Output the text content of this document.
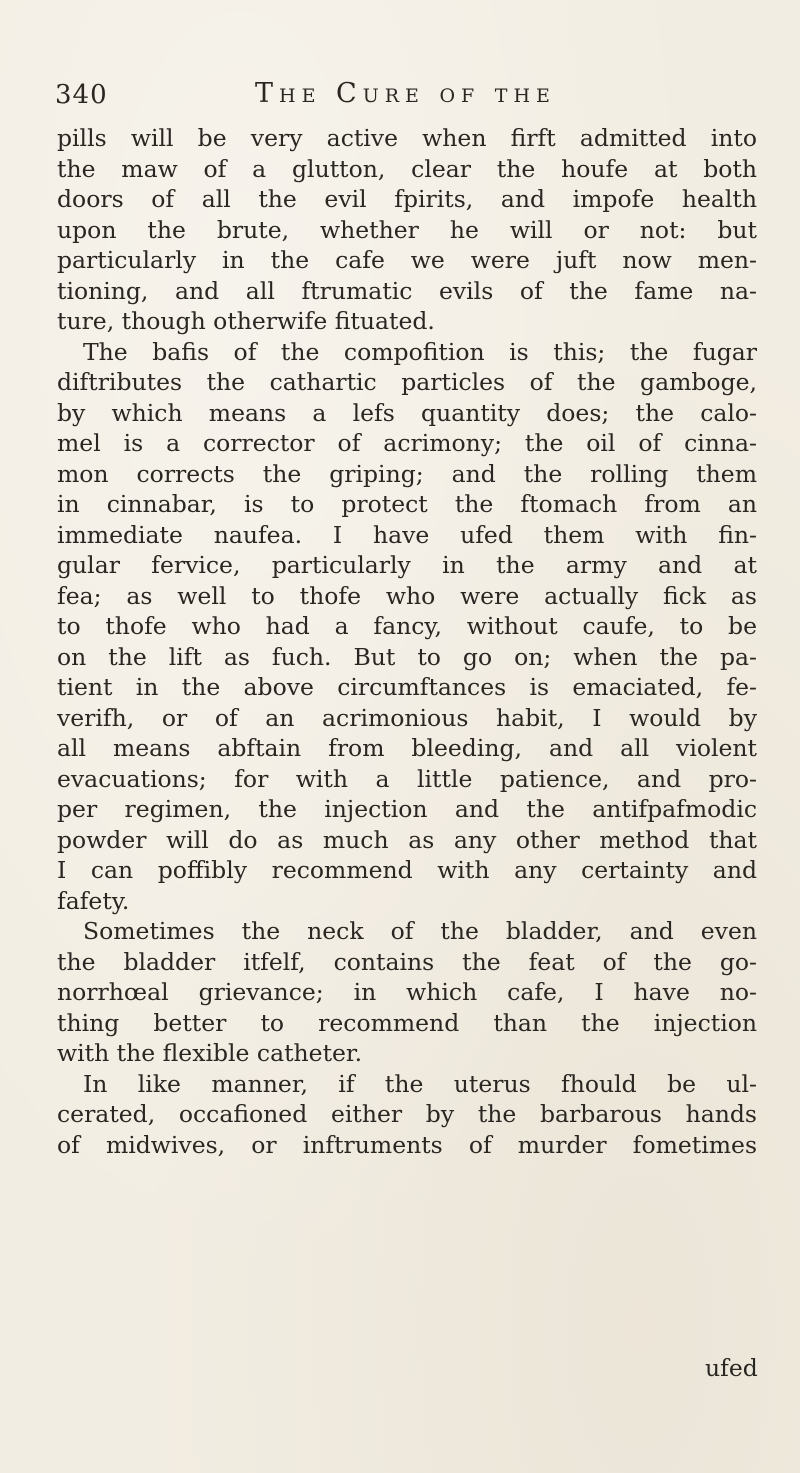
340	The Cure of the
pills will be very active when firft admitted into
the maw of a glutton, clear the houfe at both
doors of all the evil fpirits, and impofe health
upon the brute, whether he will or not: but
particularly in the cafe we were juft now men-
tioning, and all ftrumatic evils of the fame na-
ture, though otherwife fituated.
The bafis of the compofition is this; the fugar
diftributes the cathartic particles of the gamboge,
by which means a lefs quantity does; the calo-
mel is a corrector of acrimony; the oil of cinna-
mon corrects the griping; and the rolling them
in cinnabar, is to protect the ftomach from an
immediate naufea. I have ufed them with fin-
gular fervice, particularly in the army and at
fea; as well to thofe who were actually fick as
to thofe who had a fancy, without caufe, to be
on the lift as fuch. But to go on; when the pa-
tient in the above circumftances is emaciated, fe-
verifh, or of an acrimonious habit, I would by
all means abftain from bleeding, and all violent
evacuations; for with a little patience, and pro-
per regimen, the injection and the antifpafmodic
powder will do as much as any other method that
I can poffibly recommend with any certainty and
fafety.
Sometimes the neck of the bladder, and even
the bladder itfelf, contains the feat of the go-
norrhœal grievance; in which cafe, I have no-
thing better to recommend than the injection
with the flexible catheter.
In like manner, if the uterus fhould be ul-
cerated, occafioned either by the barbarous hands
of midwives, or inftruments of murder fometimes
ufed
